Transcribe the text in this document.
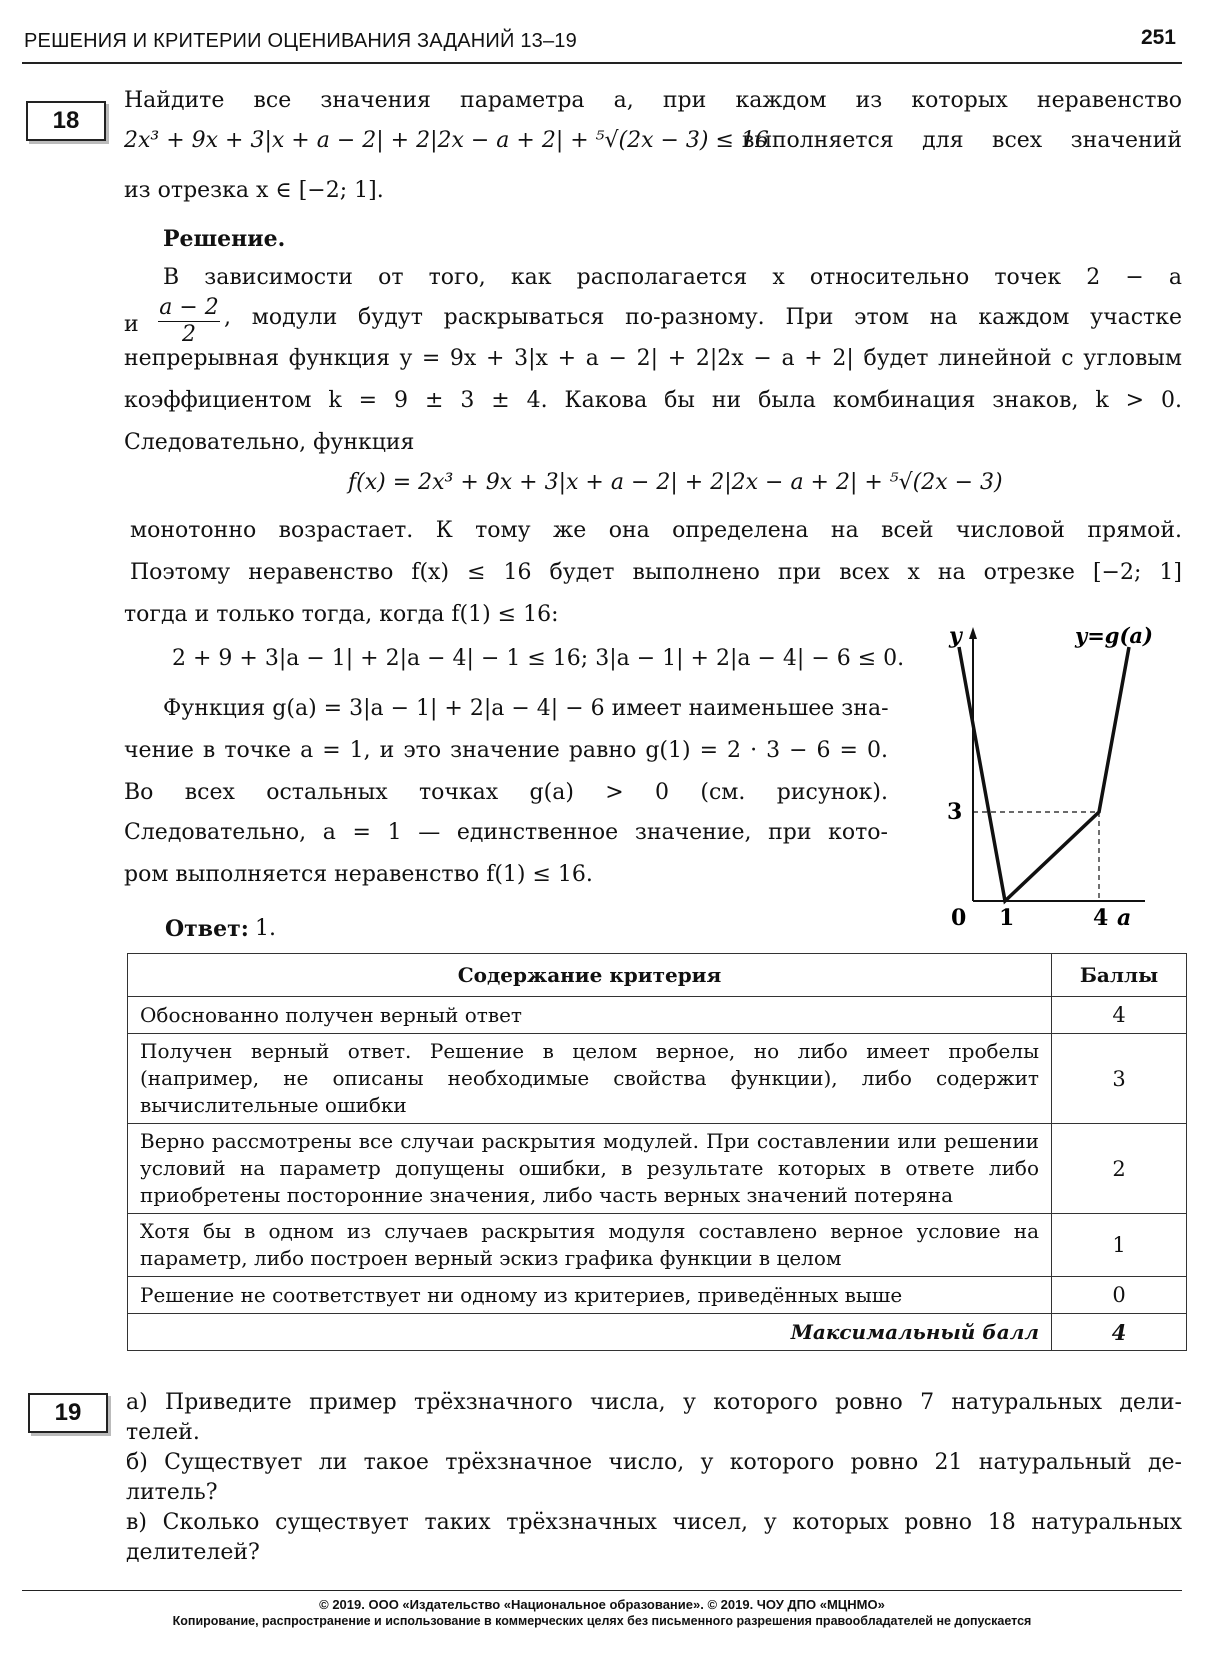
РЕШЕНИЯ И КРИТЕРИИ ОЦЕНИВАНИЯ ЗАДАНИЙ 13–19	251
18
Найдите все значения параметра a, при каждом из которых неравенство
2x³ + 9x + 3|x + a − 2| + 2|2x − a + 2| + ⁵√(2x − 3) ≤ 16
выполняется для всех значений
из отрезка x ∈ [−2; 1].
Решение.
В зависимости от того, как располагается x относительно точек 2 − a
и $\frac{a - 2}{2}$ , модули будут раскрываться по-разному. При этом на каждом участке
непрерывная функция y = 9x + 3|x + a − 2| + 2|2x − a + 2| будет линейной с угловым
коэффициентом k = 9 ± 3 ± 4. Какова бы ни была комбинация знаков, k > 0.
Следовательно, функция
f(x) = 2x³ + 9x + 3|x + a − 2| + 2|2x − a + 2| + ⁵√(2x − 3)
монотонно возрастает. К тому же она определена на всей числовой прямой.
Поэтому неравенство f(x) ≤ 16 будет выполнено при всех x на отрезке [−2; 1]
тогда и только тогда, когда f(1) ≤ 16:
2 + 9 + 3|a − 1| + 2|a − 4| − 1 ≤ 16; 3|a − 1| + 2|a − 4| − 6 ≤ 0.
Функция g(a) = 3|a − 1| + 2|a − 4| − 6 имеет наименьшее зна-
чение в точке a = 1, и это значение равно g(1) = 2 · 3 − 6 = 0.
Во всех остальных точках g(a) > 0 (см. рисунок).
Следовательно, a = 1 — единственное значение, при кото-
ром выполняется неравенство f(1) ≤ 16.
Ответ: 1.
y	y=g(a)
3
0 1	4 a
Содержание критерия	Баллы
Обоснованно получен верный ответ	4
Получен верный ответ. Решение в целом верное, но либо имеет пробелы (например, не описаны необходимые свойства функции), либо содержит вычислительные ошибки	3
Верно рассмотрены все случаи раскрытия модулей. При составлении или решении условий на параметр допущены ошибки, в результате которых в ответе либо приобретены посторонние значения, либо часть верных значений потеряна	2
Хотя бы в одном из случаев раскрытия модуля составлено верное условие на параметр, либо построен верный эскиз графика функции в целом	1
Решение не соответствует ни одному из критериев, приведённых выше	0
Максимальный балл	4
19	а) Приведите пример трёхзначного числа, у которого ровно 7 натуральных дели-
телей.
б) Существует ли такое трёхзначное число, у которого ровно 21 натуральный де-
литель?
в) Сколько существует таких трёхзначных чисел, у которых ровно 18 натуральных
делителей?
© 2019. ООО «Издательство «Национальное образование». © 2019. ЧОУ ДПО «МЦНМО»
Копирование, распространение и использование в коммерческих целях без письменного разрешения правообладателей не допускается
